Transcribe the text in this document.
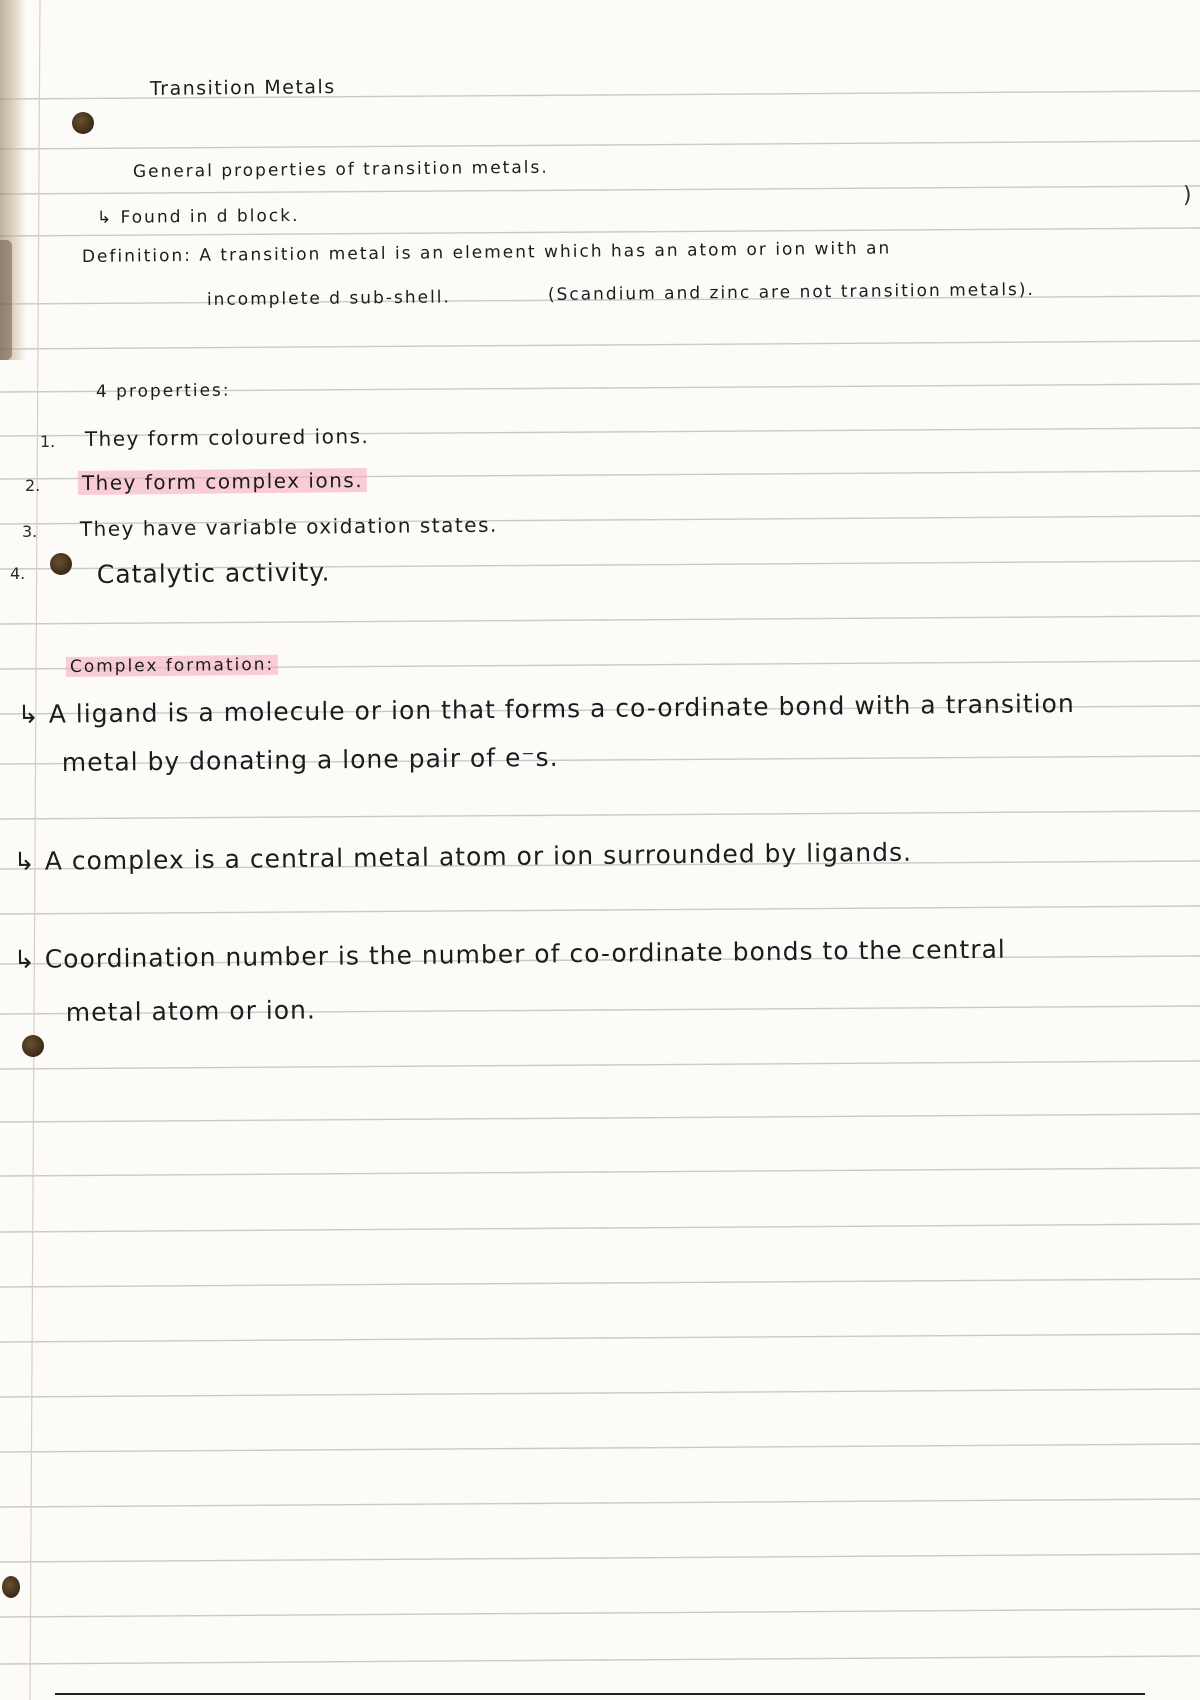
Transition Metals
General properties of transition metals.
↳ Found in d block.
Definition: A transition metal is an element which has an atom or ion with an
incomplete d sub-shell.	(Scandium and zinc are not transition metals).
4 properties:
1. They form coloured ions.
2. They form complex ions.
3. They have variable oxidation states.
4.	Catalytic activity.
Complex formation:
↳ A ligand is a molecule or ion that forms a co-ordinate bond with a transition
metal by donating a lone pair of e⁻s.
↳ A complex is a central metal atom or ion surrounded by ligands.
↳ Coordination number is the number of co-ordinate bonds to the central
metal atom or ion.
)
